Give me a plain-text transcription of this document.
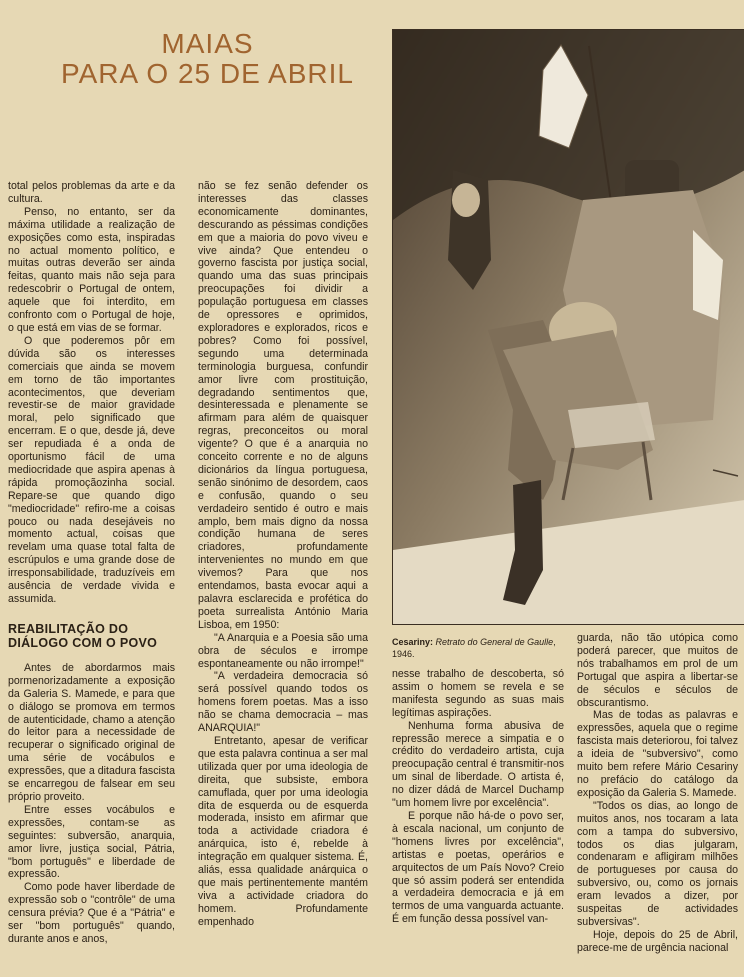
MAIAS
PARA O 25 DE ABRIL

total pelos problemas da arte e da cultura.

Penso, no entanto, ser da máxima utilidade a realização de exposições como esta, inspiradas no actual momento político, e muitas outras deverão ser ainda feitas, quanto mais não seja para redescobrir o Portugal de ontem, aquele que foi interdito, em confronto com o Portugal de hoje, o que está em vias de se formar.

O que poderemos pôr em dúvida são os interesses comerciais que ainda se movem em torno de tão importantes acontecimentos, que deveriam revestir-se de maior gravidade moral, pelo significado que encerram. E o que, desde já, deve ser repudiada é a onda de oportunismo fácil de uma mediocridade que aspira apenas à rápida promoçãozinha social. Repare-se que quando digo "mediocridade" refiro-me a coisas pouco ou nada desejáveis no momento actual, coisas que revelam uma quase total falta de escrúpulos e uma grande dose de irresponsabilidade, traduzíveis em ausência de verdade vivida e assumida.

REABILITAÇÃO DO DIÁLOGO COM O POVO

Antes de abordarmos mais pormenorizadamente a exposição da Galeria S. Mamede, e para que o diálogo se promova em termos de autenticidade, chamo a atenção do leitor para a necessidade de recuperar o significado original de uma série de vocábulos e expressões, que a ditadura fascista se encarregou de falsear em seu próprio proveito.

Entre esses vocábulos e expressões, contam-se as seguintes: subversão, anarquia, amor livre, justiça social, Pátria, "bom português" e liberdade de expressão.

Como pode haver liberdade de expressão sob o "contrôle" de uma censura prévia? Que é a "Pátria" e ser "bom português" quando, durante anos e anos,

não se fez senão defender os interesses das classes economicamente dominantes, descurando as péssimas condições em que a maioria do povo viveu e vive ainda? Que entendeu o governo fascista por justiça social, quando uma das suas principais preocupações foi dividir a população portuguesa em classes de opressores e oprimidos, exploradores e explorados, ricos e pobres? Como foi possível, segundo uma determinada terminologia burguesa, confundir amor livre com prostituição, degradando sentimentos que, desinteressada e plenamente se afirmam para além de quaisquer regras, preconceitos ou moral vigente? O que é a anarquia no conceito corrente e no de alguns dicionários da língua portuguesa, senão sinónimo de desordem, caos e confusão, quando o seu verdadeiro sentido é outro e mais amplo, bem mais digno da nossa condição humana de seres criadores, profundamente intervenientes no mundo em que vivemos? Para que nos entendamos, basta evocar aqui a palavra esclarecida e profética do poeta surrealista António Maria Lisboa, em 1950:

"A Anarquia e a Poesia são uma obra de séculos e irrompe espontaneamente ou não irrompe!"

"A verdadeira democracia só será possível quando todos os homens forem poetas. Mas a isso não se chama democracia – mas ANARQUIA!"

Entretanto, apesar de verificar que esta palavra continua a ser mal utilizada quer por uma ideologia de direita, que subsiste, embora camuflada, quer por uma ideologia dita de esquerda ou de esquerda moderada, insisto em afirmar que toda a actividade criadora é anárquica, isto é, rebelde à integração em qualquer sistema. É, aliás, essa qualidade anárquica o que mais pertinentemente mantém viva a actividade criadora do homem. Profundamente empenhado

Cesariny: Retrato do General de Gaulle, 1946.

nesse trabalho de descoberta, só assim o homem se revela e se manifesta segundo as suas mais legítimas aspirações.

Nenhuma forma abusiva de repressão merece a simpatia e o crédito do verdadeiro artista, cuja preocupação central é transmitir-nos um sinal de liberdade. O artista é, no dizer dádá de Marcel Duchamp "um homem livre por excelência".

E porque não há-de o povo ser, à escala nacional, um conjunto de "homens livres por excelência", artistas e poetas, operários e arquitectos de um País Novo? Creio que só assim poderá ser entendida a verdadeira democracia e já em termos de uma vanguarda actuante. É em função dessa possível van-

guarda, não tão utópica como poderá parecer, que muitos de nós trabalhamos em prol de um Portugal que aspira a libertar-se de séculos e séculos de obscurantismo.

Mas de todas as palavras e expressões, aquela que o regime fascista mais deteriorou, foi talvez a ideia de "subversivo", como muito bem refere Mário Cesariny no prefácio do catálogo da exposição da Galeria S. Mamede.

"Todos os dias, ao longo de muitos anos, nos tocaram a lata com a tampa do subversivo, todos os dias julgaram, condenaram e afligiram milhões de portugueses por causa do subversivo, ou, como os jornais eram levados a dizer, por suspeitas de actividades subversivas".

Hoje, depois do 25 de Abril, parece-me de urgência nacional
